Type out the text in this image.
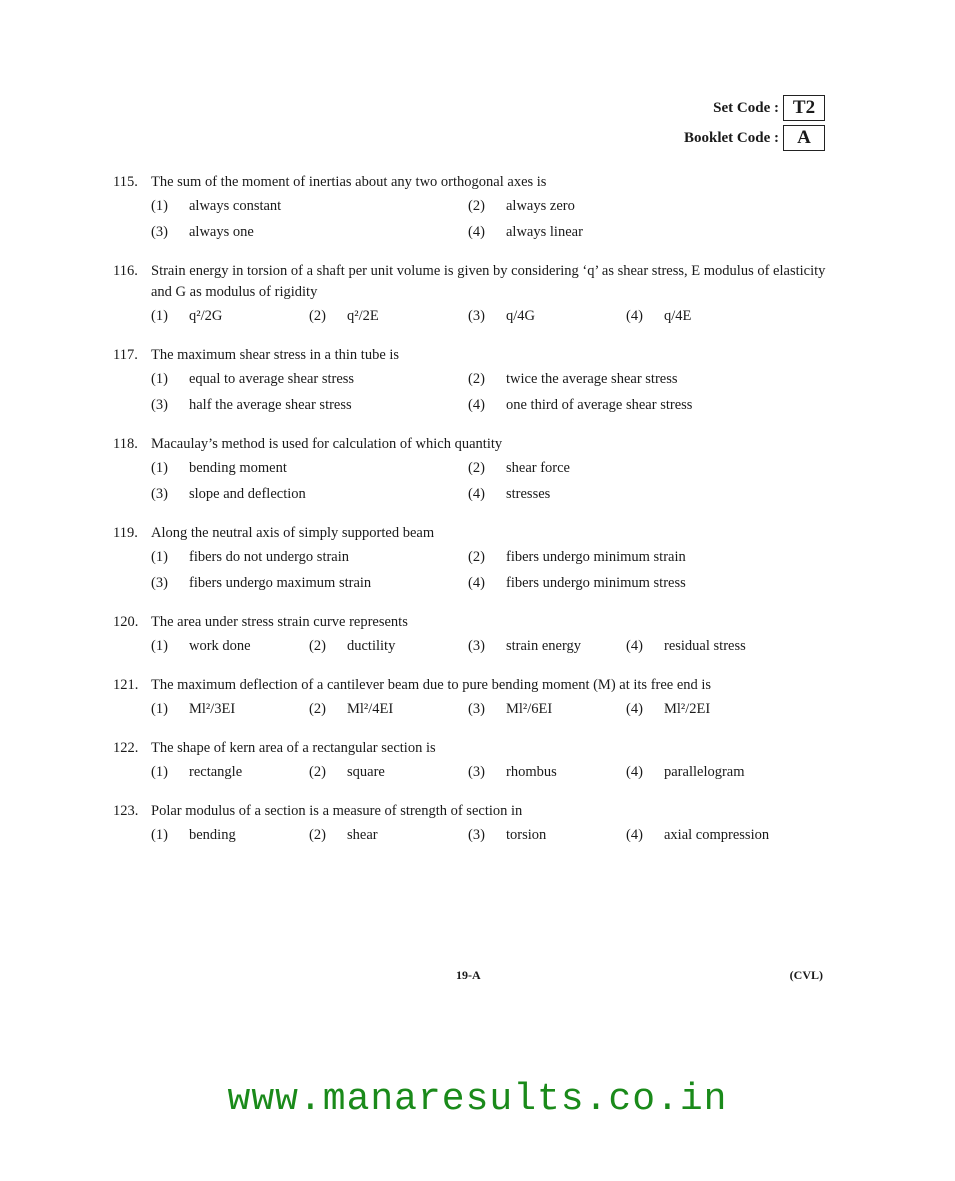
Set Code : T2
Booklet Code : A
115. The sum of the moment of inertias about any two orthogonal axes is
(1)	always constant	(2)	always zero
(3)	always one	(4)	always linear
116. Strain energy in torsion of a shaft per unit volume is given by considering ‘q’ as shear stress, E modulus of elasticity and G as modulus of rigidity
(1)	q²/2G	(2)	q²/2E	(3)	q/4G	(4)	q/4E
117. The maximum shear stress in a thin tube is
(1)	equal to average shear stress	(2)	twice the average shear stress
(3)	half the average shear stress	(4)	one third of average shear stress
118. Macaulay’s method is used for calculation of which quantity
(1)	bending moment	(2)	shear force
(3)	slope and deflection	(4)	stresses
119. Along the neutral axis of simply supported beam
(1)	fibers do not undergo strain	(2)	fibers undergo minimum strain
(3)	fibers undergo maximum strain	(4)	fibers undergo minimum stress
120. The area under stress strain curve represents
(1)	work done	(2)	ductility	(3)	strain energy	(4)	residual stress
121. The maximum deflection of a cantilever beam due to pure bending moment (M) at its free end is
(1)	Ml²/3EI	(2)	Ml²/4EI	(3)	Ml²/6EI	(4)	Ml²/2EI
122. The shape of kern area of a rectangular section is
(1)	rectangle	(2)	square	(3)	rhombus	(4)	parallelogram
123. Polar modulus of a section is a measure of strength of section in
(1)	bending	(2)	shear	(3)	torsion	(4)	axial compression
19-A	(CVL)
www.manaresults.co.in
